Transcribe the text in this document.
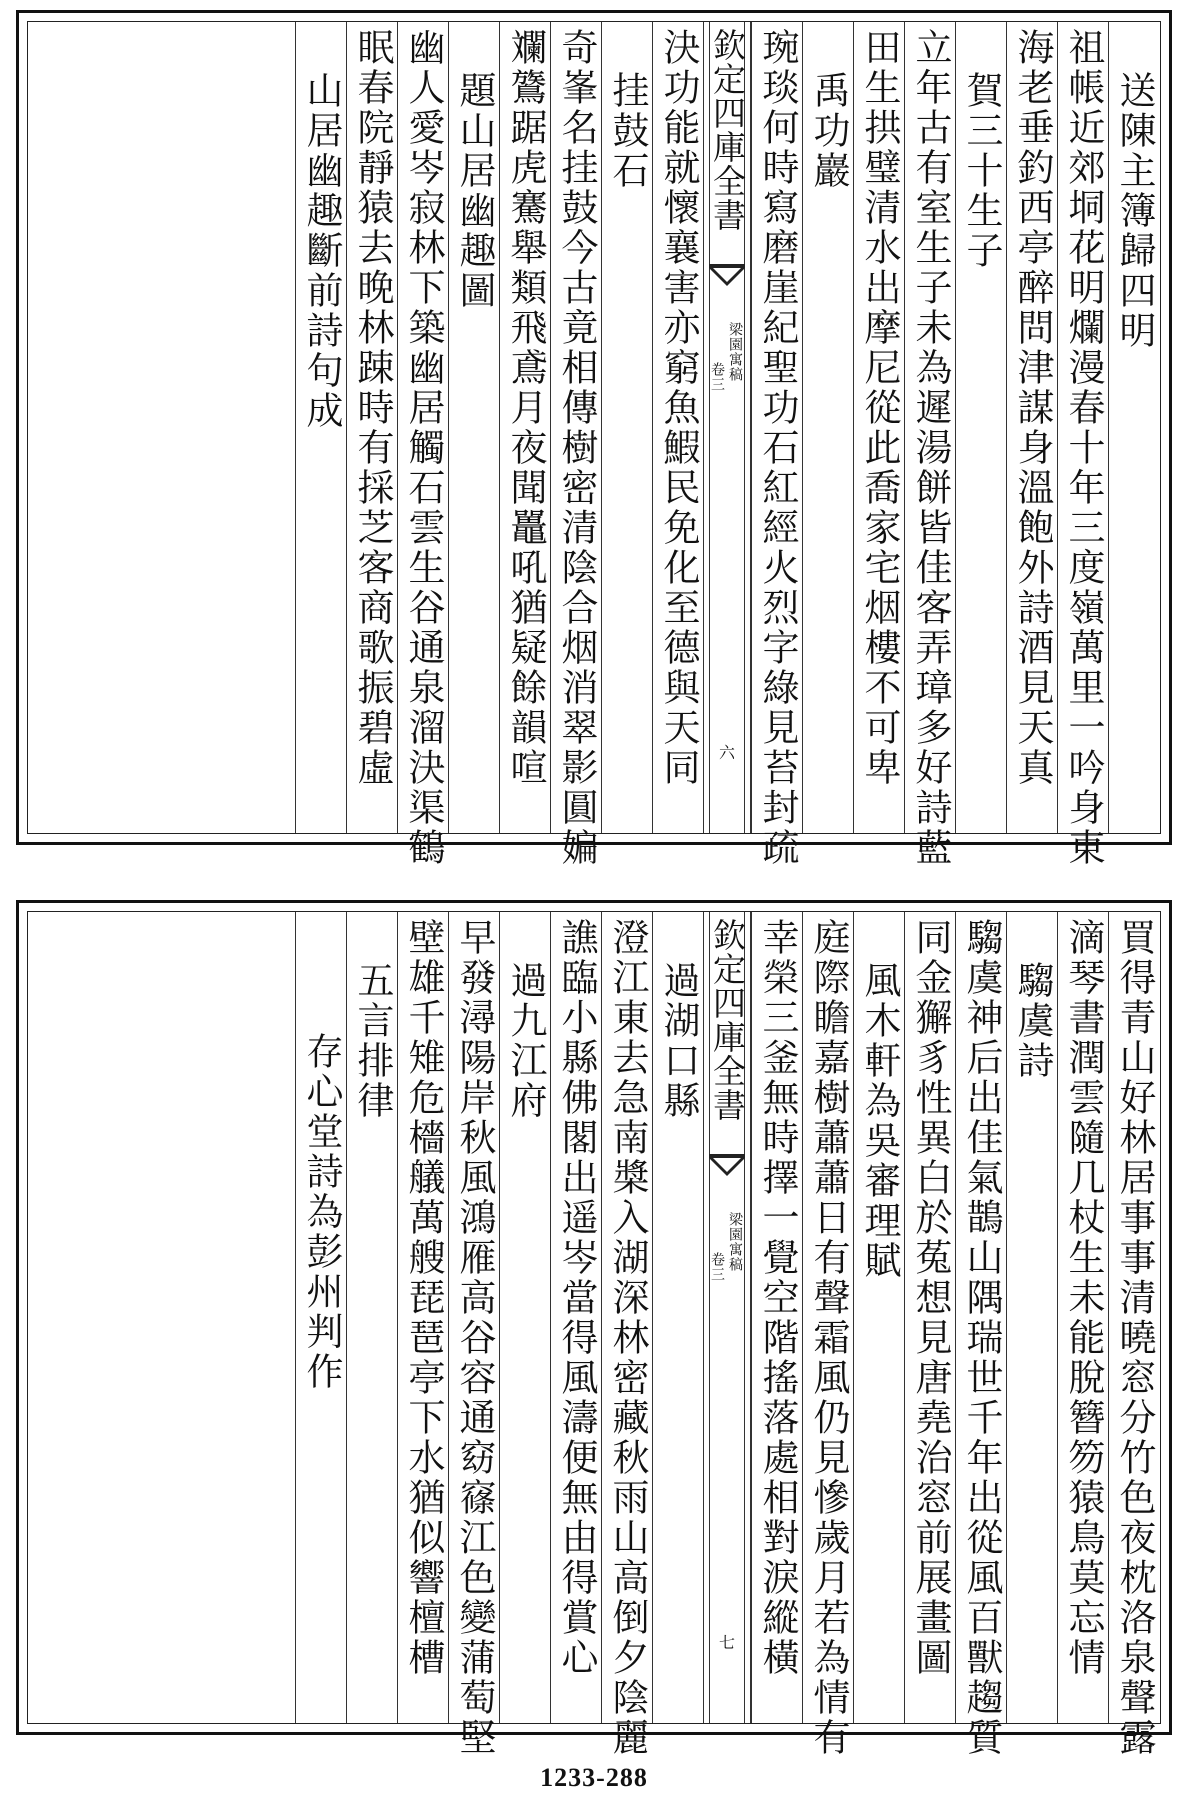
送陳主簿歸四明
祖帳近郊垌花明爛漫春十年三度嶺萬里一吟身東
海老垂釣西亭醉問津謀身溫飽外詩酒見天真
賀三十生子
立年古有室生子未為遲湯餅皆佳客弄璋多好詩藍
田生拱璧清水出摩尼從此喬家宅烟樓不可卑
禹功巖
琬琰何時寫磨崖紀聖功石紅經火烈字綠見苔封疏
欽定四庫全書
梁園寓稿
卷三
六
決功能就懷襄害亦窮魚鰕民免化至德與天同
挂鼓石
奇峯名挂鼓今古竟相傳樹密清陰合烟消翠影圓媥
斕鷟踞虎騫舉類飛鳶月夜聞鼉吼猶疑餘韻喧
題山居幽趣圖
幽人愛岑寂林下築幽居觸石雲生谷通泉溜決渠鶴
眠春院靜猿去晚林踈時有採芝客商歌振碧虛
山居幽趣斷前詩句成
買得青山好林居事事清曉窓分竹色夜枕洛泉聲露
滴琴書潤雲隨几杖生未能脫簪笏猿鳥莫忘情
騶虞詩
騶虞神后出佳氣鵲山隅瑞世千年出從風百獸趨質
同金獬豸性異白於菟想見唐堯治窓前展畫圖
風木軒為吳審理賦
庭際瞻嘉樹蕭蕭日有聲霜風仍見慘歲月若為情有
幸榮三釜無時擇一覺空階搖落處相對淚縱橫
欽定四庫全書
梁園寓稿
卷三
七
過湖口縣
澄江東去急南槳入湖深林密藏秋雨山高倒夕陰麗
譙臨小縣佛閣出遥岑當得風濤便無由得賞心
過九江府
早發潯陽岸秋風鴻雁高谷容通窈窱江色變蒲萄堅
壁雄千雉危檣艤萬艘琵琶亭下水猶似響檀槽
五言排律
存心堂詩為彭州判作
1233-288
